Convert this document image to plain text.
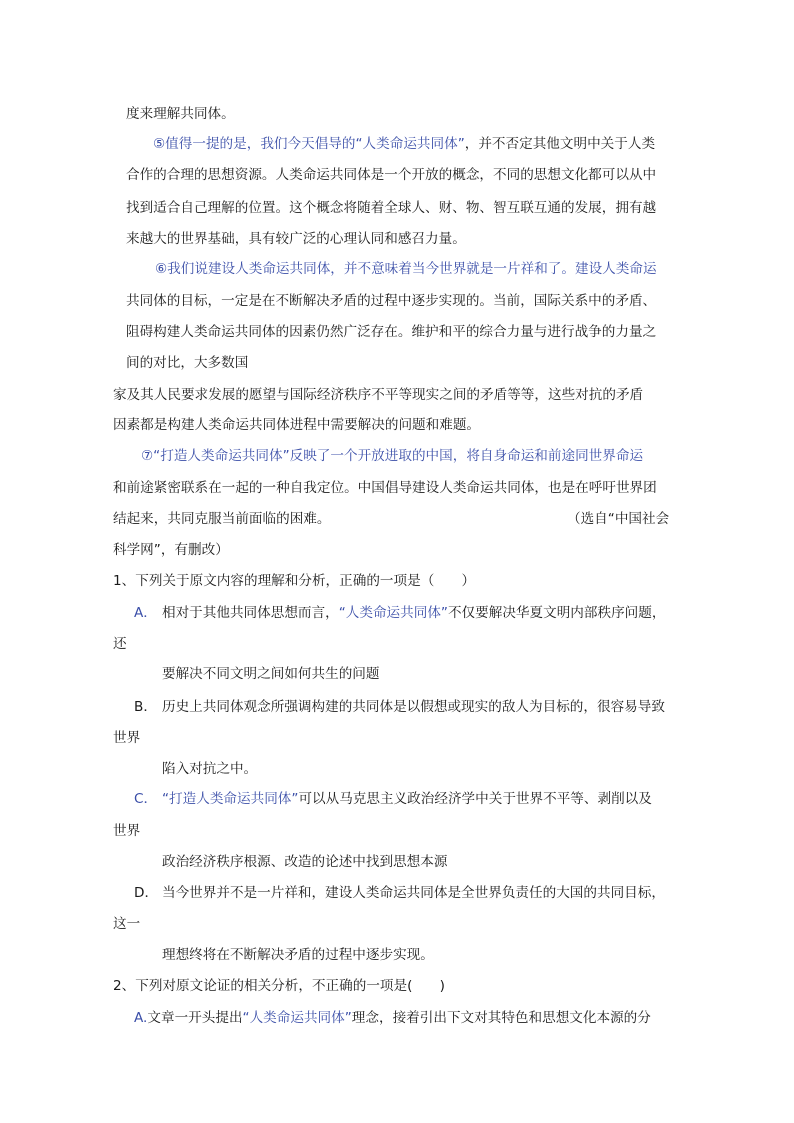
度来理解共同体。

⑤值得一提的是，我们今天倡导的“人类命运共同体”，并不否定其他文明中关于人类

合作的合理的思想资源。人类命运共同体是一个开放的概念，不同的思想文化都可以从中

找到适合自己理解的位置。这个概念将随着全球人、财、物、智互联互通的发展，拥有越

来越大的世界基础，具有较广泛的心理认同和感召力量。

⑥我们说建设人类命运共同体，并不意味着当今世界就是一片祥和了。建设人类命运

共同体的目标，一定是在不断解决矛盾的过程中逐步实现的。当前，国际关系中的矛盾、

阻碍构建人类命运共同体的因素仍然广泛存在。维护和平的综合力量与进行战争的力量之

间的对比，大多数国

家及其人民要求发展的愿望与国际经济秩序不平等现实之间的矛盾等等，这些对抗的矛盾

因素都是构建人类命运共同体进程中需要解决的问题和难题。

⑦“打造人类命运共同体”反映了一个开放进取的中国，将自身命运和前途同世界命运

和前途紧密联系在一起的一种自我定位。中国倡导建设人类命运共同体，也是在呼吁世界团

结起来，共同克服当前面临的困难。	（选自“中国社会

科学网”，有删改）

1、下列关于原文内容的理解和分析，正确的一项是（　　）

A． 相对于其他共同体思想而言，“人类命运共同体”不仅要解决华夏文明内部秩序问题，

还

要解决不同文明之间如何共生的问题

B． 历史上共同体观念所强调构建的共同体是以假想或现实的敌人为目标的，很容易导致

世界

陷入对抗之中。

C． “打造人类命运共同体”可以从马克思主义政治经济学中关于世界不平等、剥削以及

世界

政治经济秩序根源、改造的论述中找到思想本源

D． 当今世界并不是一片祥和，建设人类命运共同体是全世界负责任的大国的共同目标，

这一

理想终将在不断解决矛盾的过程中逐步实现。

2、下列对原文论证的相关分析，不正确的一项是(　　)

A.文章一开头提出“人类命运共同体”理念，接着引出下文对其特色和思想文化本源的分
